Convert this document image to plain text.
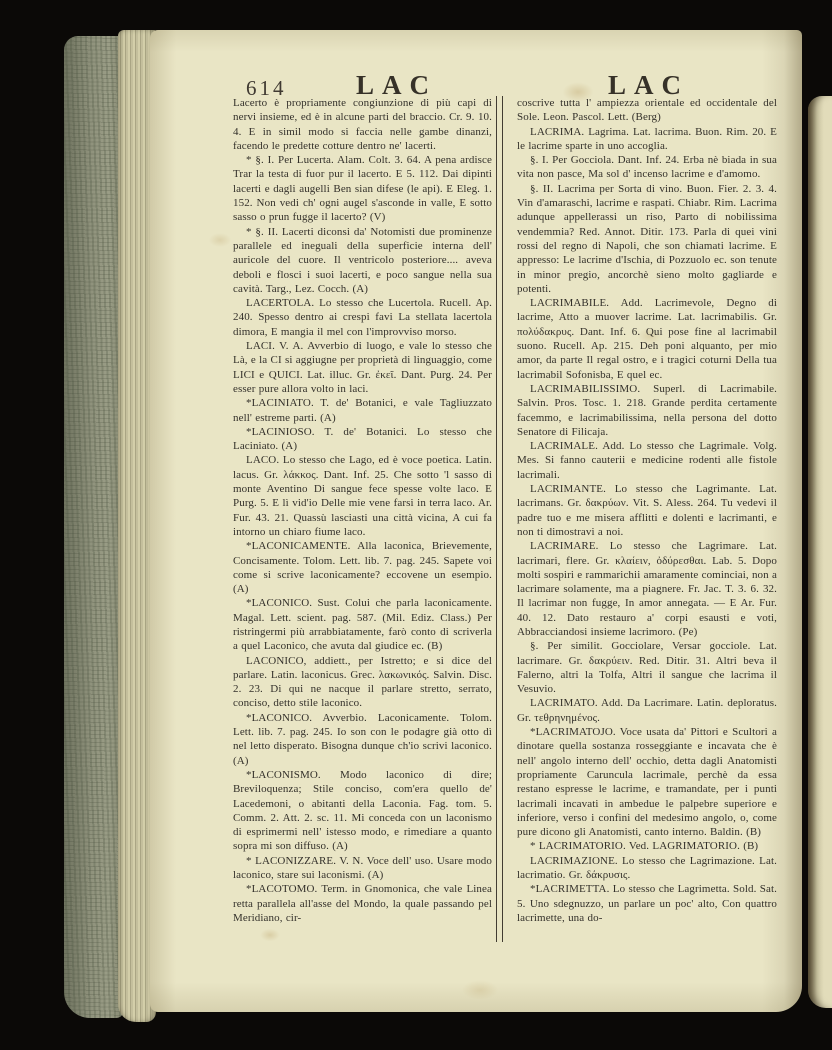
614	LAC	LAC

Lacerto è propriamente congiunzione di più capi di nervi insieme, ed è in alcune parti del braccio. Cr. 9. 10. 4. E in simil modo si faccia nelle gambe dinanzi, facendo le predette cotture dentro ne' lacerti.

* §. I. Per Lucerta. Alam. Colt. 3. 64. A pena ardisce Trar la testa di fuor pur il lacerto. E 5. 112. Dai dipinti lacerti e dagli augelli Ben sian difese (le api). E Eleg. 1. 152. Non vedi ch' ogni augel s'asconde in valle, E sotto sasso o prun fugge il lacerto? (V)

* §. II. Lacerti diconsi da' Notomisti due prominenze parallele ed ineguali della superficie interna dell' auricole del cuore. Il ventricolo posteriore.... aveva deboli e flosci i suoi lacerti, e poco sangue nella sua cavità. Targ., Lez. Cocch. (A)

LACERTOLA. Lo stesso che Lucertola. Rucell. Ap. 240. Spesso dentro ai crespi favi La stellata lacertola dimora, E mangia il mel con l'improvviso morso.

LACI. V. A. Avverbio di luogo, e vale lo stesso che Là, e la CI si aggiugne per proprietà di linguaggio, come LICI e QUICI. Lat. illuc. Gr. ἐκεῖ. Dant. Purg. 24. Per esser pure allora volto in laci.

*LACINIATO. T. de' Botanici, e vale Tagliuzzato nell' estreme parti. (A)

*LACINIOSO. T. de' Botanici. Lo stesso che Laciniato. (A)

LACO. Lo stesso che Lago, ed è voce poetica. Latin. lacus. Gr. λάκκος. Dant. Inf. 25. Che sotto 'l sasso di monte Aventino Di sangue fece spesse volte laco. E Purg. 5. E lì vid'io Delle mie vene farsi in terra laco. Ar. Fur. 43. 21. Quassù lasciasti una città vicina, A cui fa intorno un chiaro fiume laco.

*LACONICAMENTE. Alla laconica, Brievemente, Concisamente. Tolom. Lett. lib. 7. pag. 245. Sapete voi come si scrive laconicamente? eccovene un esempio. (A)

*LACONICO. Sust. Colui che parla laconicamente. Magal. Lett. scient. pag. 587. (Mil. Ediz. Class.) Per ristringermi più arrabbiatamente, farò conto di scriverla a quel Laconico, che avuta dal giudice ec. (B)

LACONICO, addiett., per Istretto; e si dice del parlare. Latin. laconicus. Grec. λακωνικός. Salvin. Disc. 2. 23. Di qui ne nacque il parlare stretto, serrato, conciso, detto stile laconico.

*LACONICO. Avverbio. Laconicamente. Tolom. Lett. lib. 7. pag. 245. Io son con le podagre già otto dì nel letto disperato. Bisogna dunque ch'io scrivi laconico. (A)

*LACONISMO. Modo laconico di dire; Breviloquenza; Stile conciso, com'era quello de' Lacedemoni, o abitanti della Laconia. Fag. tom. 5. Comm. 2. Att. 2. sc. 11. Mi conceda con un laconismo di esprimermi nell' istesso modo, e rimediare a quanto sopra mi son diffuso. (A)

* LACONIZZARE. V. N. Voce dell' uso. Usare modo laconico, stare sui laconismi. (A)

*LACOTOMO. Term. in Gnomonica, che vale Linea retta parallela all'asse del Mondo, la quale passando pel Meridiano, cir-

coscrive tutta l' ampiezza orientale ed occidentale del Sole. Leon. Pascol. Lett. (Berg)

LACRIMA. Lagrima. Lat. lacrima. Buon. Rim. 20. E le lacrime sparte in uno accoglia.

§. I. Per Gocciola. Dant. Inf. 24. Erba nè biada in sua vita non pasce, Ma sol d' incenso lacrime e d'amomo.

§. II. Lacrima per Sorta di vino. Buon. Fier. 2. 3. 4. Vin d'amaraschi, lacrime e raspati. Chiabr. Rim. Lacrima adunque appellerassi un riso, Parto di nobilissima vendemmia? Red. Annot. Ditir. 173. Parla di quei vini rossi del regno di Napoli, che son chiamati lacrime. E appresso: Le lacrime d'Ischia, di Pozzuolo ec. son tenute in minor pregio, ancorchè sieno molto gagliarde e potenti.

LACRIMABILE. Add. Lacrimevole, Degno di lacrime, Atto a muover lacrime. Lat. lacrimabilis. Gr. πολύδακρυς. Dant. Inf. 6. Qui pose fine al lacrimabil suono. Rucell. Ap. 215. Deh poni alquanto, per mio amor, da parte Il regal ostro, e i tragici coturni Della tua lacrimabil Sofonisba, E quel ec.

LACRIMABILISSIMO. Superl. di Lacrimabile. Salvin. Pros. Tosc. 1. 218. Grande perdita certamente facemmo, e lacrimabilissima, nella persona del dotto Senatore di Filicaja.

LACRIMALE. Add. Lo stesso che Lagrimale. Volg. Mes. Si fanno cauterii e medicine rodenti alle fistole lacrimali.

LACRIMANTE. Lo stesso che Lagrimante. Lat. lacrimans. Gr. δακρύων. Vit. S. Aless. 264. Tu vedevi il padre tuo e me misera afflitti e dolenti e lacrimanti, e non ti dimostravi a noi.

LACRIMARE. Lo stesso che Lagrimare. Lat. lacrimari, flere. Gr. κλαίειν, ὀδύρεσθαι. Lab. 5. Dopo molti sospiri e rammarichii amaramente cominciai, non a lacrimare solamente, ma a piagnere. Fr. Jac. T. 3. 6. 32. Il lacrimar non fugge, In amor annegata. — E Ar. Fur. 40. 12. Dato restauro a' corpi esausti e voti, Abbracciandosi insieme lacrimoro. (Pe)

§. Per similit. Gocciolare, Versar gocciole. Lat. lacrimare. Gr. δακρύειν. Red. Ditir. 31. Altri beva il Falerno, altri la Tolfa, Altri il sangue che lacrima il Vesuvio.

LACRIMATO. Add. Da Lacrimare. Latin. deploratus. Gr. τεθρηνημένος.

*LACRIMATOJO. Voce usata da' Pittori e Scultori a dinotare quella sostanza rosseggiante e incavata che è nell' angolo interno dell' occhio, detta dagli Anatomisti propriamente Caruncula lacrimale, perchè da essa restano espresse le lacrime, e tramandate, per i punti lacrimali incavati in ambedue le palpebre superiore e inferiore, verso i confini del medesimo angolo, o, come pure dicono gli Anatomisti, canto interno. Baldin. (B)

* LACRIMATORIO. Ved. LAGRIMATORIO. (B)

LACRIMAZIONE. Lo stesso che Lagrimazione. Lat. lacrimatio. Gr. δάκρυσις.

*LACRIMETTA. Lo stesso che Lagrimetta. Sold. Sat. 5. Uno sdegnuzzo, un parlare un poc' alto, Con quattro lacrimette, una do-
